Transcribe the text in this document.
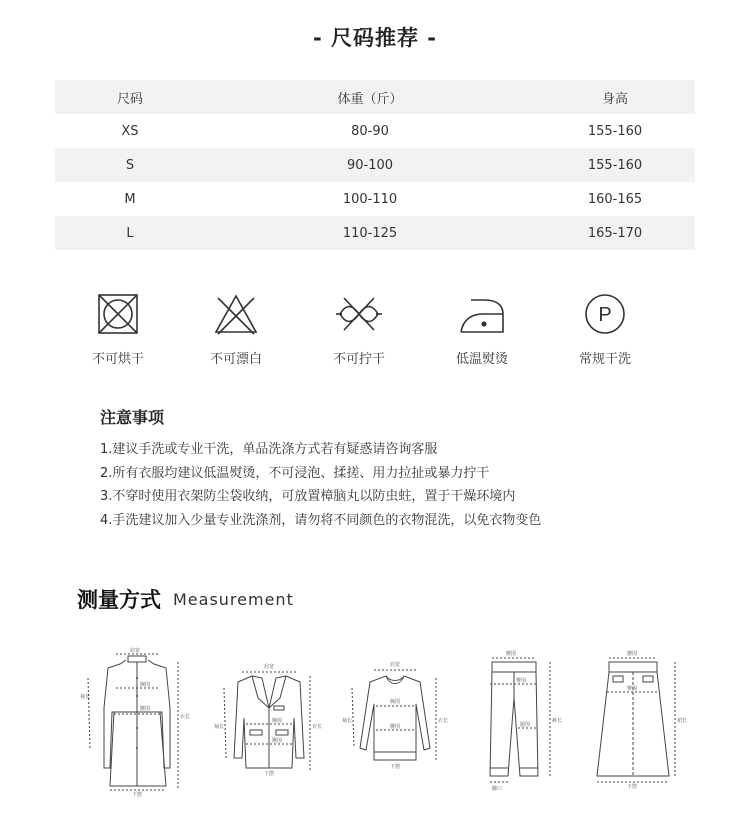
- 尺码推荐 -
尺码	体重（斤）	身高
XS	80-90	155-160
S	90-100	155-160
M	100-110	160-165
L	110-125	165-170
不可烘干	不可漂白	不可拧干	低温熨烫
P
常规干洗
注意事项
1.建议手洗或专业干洗，单品洗涤方式若有疑惑请咨询客服
2.所有衣服均建议低温熨烫，不可浸泡、揉搓、用力拉扯或暴力拧干
3.不穿时使用衣架防尘袋收纳，可放置樟脑丸以防虫蛀，置于干燥环境内
4.手洗建议加入少量专业洗涤剂，请勿将不同颜色的衣物混洗，以免衣物变色
测量方式 Measurement
肩宽
胸围
腰围
袖长
衣长
下摆
肩宽
胸围
腰围
袖长	衣长
下摆
肩宽
胸围
腰围
袖长	衣长
下摆
腰围
臀围
腿围
裤长
脚口
腰围
臀围
裙长
下摆
